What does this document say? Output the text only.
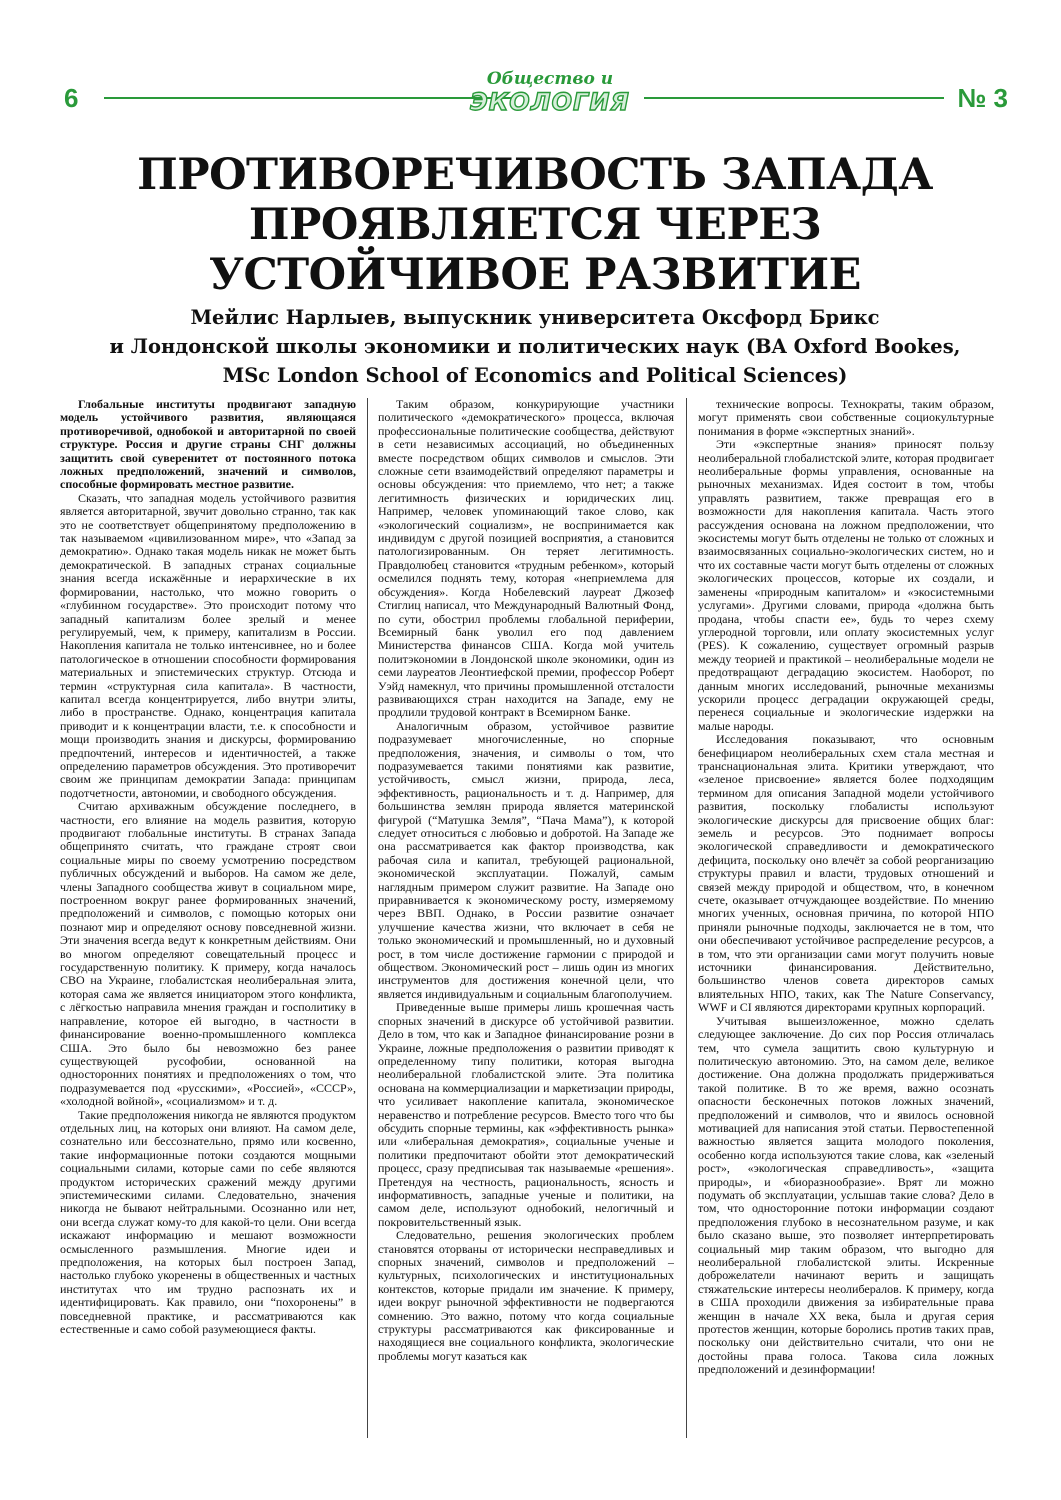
6
Общество и
ЭКОЛОГИЯ	№ 3
ПРОТИВОРЕЧИВОСТЬ ЗАПАДА
ПРОЯВЛЯЕТСЯ ЧЕРЕЗ
УСТОЙЧИВОЕ РАЗВИТИЕ
Мейлис Нарлыев, выпускник университета Оксфорд Брикс
и Лондонской школы экономики и политических наук (BA Oxford Bookes,
MSc London School of Economics and Political Sciences)

Глобальные институты продвигают западную модель устойчивого развития, являющаяся противоречивой, однобокой и авторитарной по своей структуре. Россия и другие страны СНГ должны защитить свой суверенитет от постоянного потока ложных предположений, значений и символов, способные формировать местное развитие.

Сказать, что западная модель устойчивого развития является авторитарной, звучит довольно странно, так как это не соответствует общепринятому предположению в так называемом «цивилизованном мире», что «Запад за демократию». Однако такая модель никак не может быть демократической. В западных странах социальные знания всегда искажённые и иерархические в их формировании, настолько, что можно говорить о «глубинном государстве». Это происходит потому что западный капитализм более зрелый и менее регулируемый, чем, к примеру, капитализм в России. Накопления капитала не только интенсивнее, но и более патологическое в отношении способности формирования материальных и эпистемических структур. Отсюда и термин «структурная сила капитала». В частности, капитал всегда концентрируется, либо внутри элиты, либо в пространстве. Однако, концентрация капитала приводит и к концентрации власти, т.е. к способности и мощи производить знания и дискурсы, формированию предпочтений, интересов и идентичностей, а также определению параметров обсуждения. Это противоречит своим же принципам демократии Запада: принципам подотчетности, автономии, и свободного обсуждения.

Считаю архиважным обсуждение последнего, в частности, его влияние на модель развития, которую продвигают глобальные институты. В странах Запада общепринято считать, что граждане строят свои социальные миры по своему усмотрению посредством публичных обсуждений и выборов. На самом же деле, члены Западного сообщества живут в социальном мире, построенном вокруг ранее формированных значений, предположений и символов, с помощью которых они познают мир и определяют основу повседневной жизни. Эти значения всегда ведут к конкретным действиям. Они во многом определяют совещательный процесс и государственную политику. К примеру, когда началось СВО на Украине, глобалистская неолиберальная элита, которая сама же является инициатором этого конфликта, с лёгкостью направила мнения граждан и госполитику в направление, которое ей выгодно, в частности в финансирование военно-промышленного комплекса США. Это было бы невозможно без ранее существующей русофобии, основанной на односторонних понятиях и предположениях о том, что подразумевается под «русскими», «Россией», «СССР», «холодной войной», «социализмом» и т. д.

Такие предположения никогда не являются продуктом отдельных лиц, на которых они влияют. На самом деле, сознательно или бессознательно, прямо или косвенно, такие информационные потоки создаются мощными социальными силами, которые сами по себе являются продуктом исторических сражений между другими эпистемическими силами. Следовательно, значения никогда не бывают нейтральными. Осознанно или нет, они всегда служат кому-то для какой-то цели. Они всегда искажают информацию и мешают возможности осмысленного размышления. Многие идеи и предположения, на которых был построен Запад, настолько глубоко укоренены в общественных и частных институтах что им трудно распознать их и идентифицировать. Как правило, они “похоронены” в повседневной практике, и рассматриваются как естественные и само собой разумеющиеся факты.

Таким образом, конкурирующие участники политического «демократического» процесса, включая профессиональные политические сообщества, действуют в сети независимых ассоциаций, но объединенных вместе посредством общих символов и смыслов. Эти сложные сети взаимодействий определяют параметры и основы обсуждения: что приемлемо, что нет; а также легитимность физических и юридических лиц. Например, человек упоминающий такое слово, как «экологический социализм», не воспринимается как индивидум с другой позицией восприятия, а становится патологизированным. Он теряет легитимность. Правдолюбец становится «трудным ребенком», который осмелился поднять тему, которая «неприемлема для обсуждения». Когда Нобелевский лауреат Джозеф Стиглиц написал, что Международный Валютный Фонд, по сути, обострил проблемы глобальной периферии, Всемирный банк уволил его под давлением Министерства финансов США. Когда мой учитель политэкономии в Лондонской школе экономики, один из семи лауреатов Леонтиефской премии, профессор Роберт Уэйд намекнул, что причины промышленной отсталости развивающихся стран находится на Западе, ему не продлили трудовой контракт в Всемирном Банке.

Аналогичным образом, устойчивое развитие подразумевает многочисленные, но спорные предположения, значения, и символы о том, что подразумевается такими понятиями как развитие, устойчивость, смысл жизни, природа, леса, эффективность, рациональность и т. д. Например, для большинства землян природа является материнской фигурой (“Матушка Земля”, “Пача Мама”), к которой следует относиться с любовью и добротой. На Западе же она рассматривается как фактор производства, как рабочая сила и капитал, требующей рациональной, экономической эксплуатации. Пожалуй, самым наглядным примером служит развитие. На Западе оно приравнивается к экономическому росту, измеряемому через ВВП. Однако, в России развитие означает улучшение качества жизни, что включает в себя не только экономический и промышленный, но и духовный рост, в том числе достижение гармонии с природой и обществом. Экономический рост – лишь один из многих инструментов для достижения конечной цели, что является индивидуальным и социальным благополучием.

Приведенные выше примеры лишь крошечная часть спорных значений в дискурсе об устойчивой развитии. Дело в том, что как и Западное финансирование розни в Украине, ложные предположения о развитии приводят к определенному типу политики, которая выгодна неолиберальной глобалистской элите. Эта политика основана на коммерциализации и маркетизации природы, что усиливает накопление капитала, экономическое неравенство и потребление ресурсов. Вместо того что бы обсудить спорные термины, как «эффективность рынка» или «либеральная демократия», социальные ученые и политики предпочитают обойти этот демократический процесс, сразу предписывая так называемые «решения». Претендуя на честность, рациональность, ясность и информативность, западные ученые и политики, на самом деле, используют однобокий, нелогичный и покровительственный язык.

Следовательно, решения экологических проблем становятся оторваны от исторически несправедливых и спорных значений, символов и предположений – культурных, психологических и институциональных контекстов, которые придали им значение. К примеру, идеи вокруг рыночной эффективности не подвергаются сомнению. Это важно, потому что когда социальные структуры рассматриваются как фиксированные и находящиеся вне социального конфликта, экологические проблемы могут казаться как

технические вопросы. Технократы, таким образом, могут применять свои собственные социокультурные понимания в форме «экспертных знаний».

Эти «экспертные знания» приносят пользу неолиберальной глобалистской элите, которая продвигает неолиберальные формы управления, основанные на рыночных механизмах. Идея состоит в том, чтобы управлять развитием, также превращая его в возможности для накопления капитала. Часть этого рассуждения основана на ложном предположении, что экосистемы могут быть отделены не только от сложных и взаимосвязанных социально-экологических систем, но и что их составные части могут быть отделены от сложных экологических процессов, которые их создали, и заменены «природным капиталом» и «экосистемными услугами». Другими словами, природа «должна быть продана, чтобы спасти ее», будь то через схему углеродной торговли, или оплату экосистемных услуг (PES). К сожалению, существует огромный разрыв между теорией и практикой – неолиберальные модели не предотвращают деградацию экосистем. Наоборот, по данным многих исследований, рыночные механизмы ускорили процесс деградации окружающей среды, перенеся социальные и экологические издержки на малые народы.

Исследования показывают, что основным бенефициаром неолиберальных схем стала местная и транснациональная элита. Критики утверждают, что «зеленое присвоение» является более подходящим термином для описания Западной модели устойчивого развития, поскольку глобалисты используют экологические дискурсы для присвоение общих благ: земель и ресурсов. Это поднимает вопросы экологической справедливости и демократического дефицита, поскольку оно влечёт за собой реорганизацию структуры правил и власти, трудовых отношений и связей между природой и обществом, что, в конечном счете, оказывает отчуждающее воздействие. По мнению многих ученных, основная причина, по которой НПО приняли рыночные подходы, заключается не в том, что они обеспечивают устойчивое распределение ресурсов, а в том, что эти организации сами могут получить новые источники финансирования. Действительно, большинство членов совета директоров самых влиятельных НПО, таких, как The Nature Conservancy, WWF и CI являются директорами крупных корпораций.

Учитывая вышеизложенное, можно сделать следующее заключение. До сих пор Россия отличалась тем, что сумела защитить свою культурную и политическую автономию. Это, на самом деле, великое достижение. Она должна продолжать придерживаться такой политике. В то же время, важно осознать опасности бесконечных потоков ложных значений, предположений и символов, что и явилось основной мотивацией для написания этой статьи. Первостепенной важностью является защита молодого поколения, особенно когда используются такие слова, как «зеленый рост», «экологическая справедливость», «защита природы», и «биоразнообразие». Врят ли можно подумать об эксплуатации, услышав такие слова? Дело в том, что односторонние потоки информации создают предположения глубоко в несознательном разуме, и как было сказано выше, это позволяет интерпретировать социальный мир таким образом, что выгодно для неолиберальной глобалистской элиты. Искренные доброжелатели начинают верить и защищать стяжательские интересы неолибералов. К примеру, когда в США проходили движения за избирательные права женщин в начале XX века, была и другая серия протестов женщин, которые боролись против таких прав, поскольку они действительно считали, что они не достойны права голоса. Такова сила ложных предположений и дезинформации!
